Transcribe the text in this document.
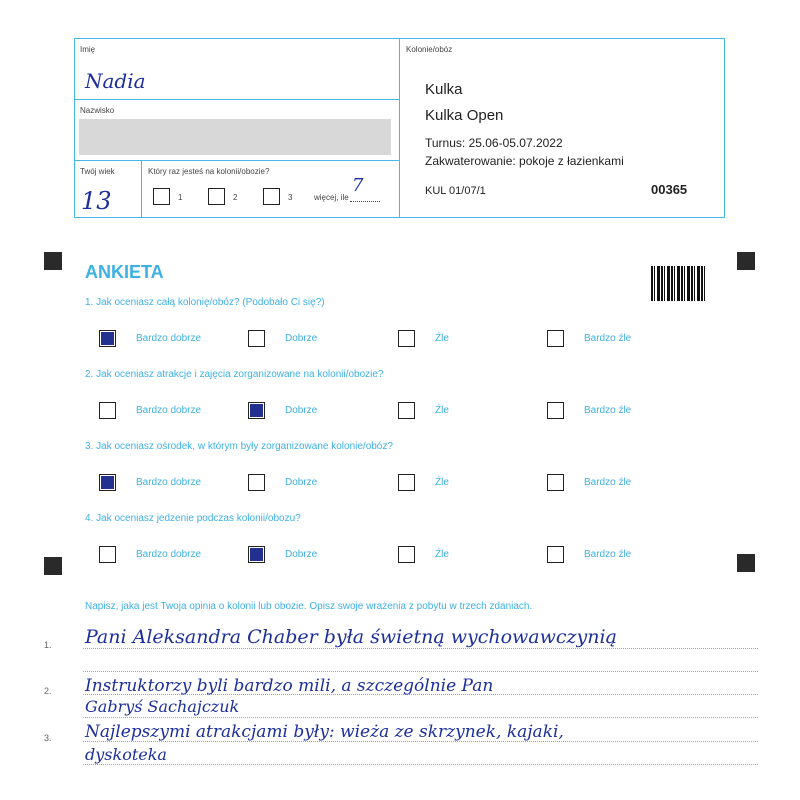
Imię
Nadia
Nazwisko
Twój wiek
13
Który raz jesteś na kolonii/obozie?
1	2	3	więcej, ile
7
Kolonie/obóz
Kulka
Kulka Open
Turnus: 25.06-05.07.2022
Zakwaterowanie: pokoje z łazienkami
KUL 01/07/1	00365
ANKIETA
1. Jak oceniasz całą kolonię/obóz? (Podobało Ci się?)
2. Jak oceniasz atrakcje i zajęcia zorganizowane na kolonii/obozie?
3. Jak oceniasz ośrodek, w którym były zorganizowane kolonie/obóz?
4. Jak oceniasz jedzenie podczas kolonii/obozu?
Bardzo dobrze	Dobrze	Źle	Bardzo źle
Bardzo dobrze	Dobrze	Źle	Bardzo źle
Bardzo dobrze	Dobrze	Źle	Bardzo źle
Bardzo dobrze	Dobrze	Źle	Bardzo źle
Napisz, jaka jest Twoja opinia o kolonii lub obozie. Opisz swoje wrażenia z pobytu w trzech zdaniach.
1.
2.
3.
Pani Aleksandra Chaber była świetną wychowawczynią
Instruktorzy byli bardzo mili, a szczególnie Pan
Gabryś Sachajczuk
Najlepszymi atrakcjami były: wieża ze skrzynek, kajaki,
dyskoteka
